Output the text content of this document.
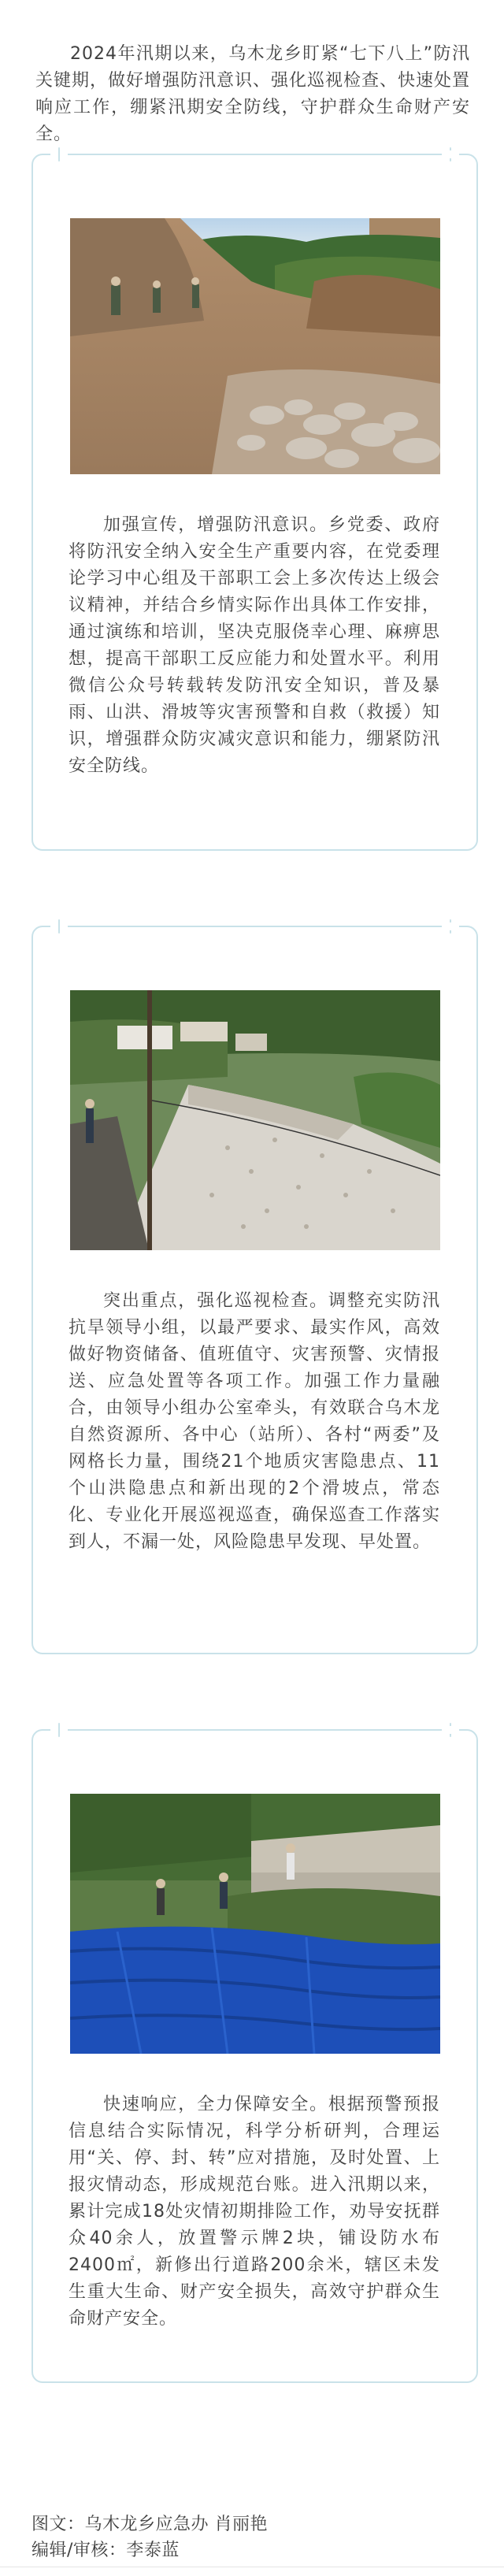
2024年汛期以来，乌木龙乡盯紧“七下八上”防汛关键期，做好增强防汛意识、强化巡视检查、快速处置响应工作，绷紧汛期安全防线，守护群众生命财产安全。

加强宣传，增强防汛意识。乡党委、政府将防汛安全纳入安全生产重要内容，在党委理论学习中心组及干部职工会上多次传达上级会议精神，并结合乡情实际作出具体工作安排，通过演练和培训，坚决克服侥幸心理、麻痹思想，提高干部职工反应能力和处置水平。利用微信公众号转载转发防汛安全知识，普及暴雨、山洪、滑坡等灾害预警和自救（救援）知识，增强群众防灾减灾意识和能力，绷紧防汛安全防线。

突出重点，强化巡视检查。调整充实防汛抗旱领导小组，以最严要求、最实作风，高效做好物资储备、值班值守、灾害预警、灾情报送、应急处置等各项工作。加强工作力量融合，由领导小组办公室牵头，有效联合乌木龙自然资源所、各中心（站所）、各村“两委”及网格长力量，围绕21个地质灾害隐患点、11个山洪隐患点和新出现的2个滑坡点，常态化、专业化开展巡视巡查，确保巡查工作落实到人，不漏一处，风险隐患早发现、早处置。

快速响应，全力保障安全。根据预警预报信息结合实际情况，科学分析研判，合理运用“关、停、封、转”应对措施，及时处置、上报灾情动态，形成规范台账。进入汛期以来，累计完成18处灾情初期排险工作，劝导安抚群众40余人，放置警示牌2块，铺设防水布2400㎡，新修出行道路200余米，辖区未发生重大生命、财产安全损失，高效守护群众生命财产安全。

图文：乌木龙乡应急办 肖丽艳
编辑/审核：李泰蓝
